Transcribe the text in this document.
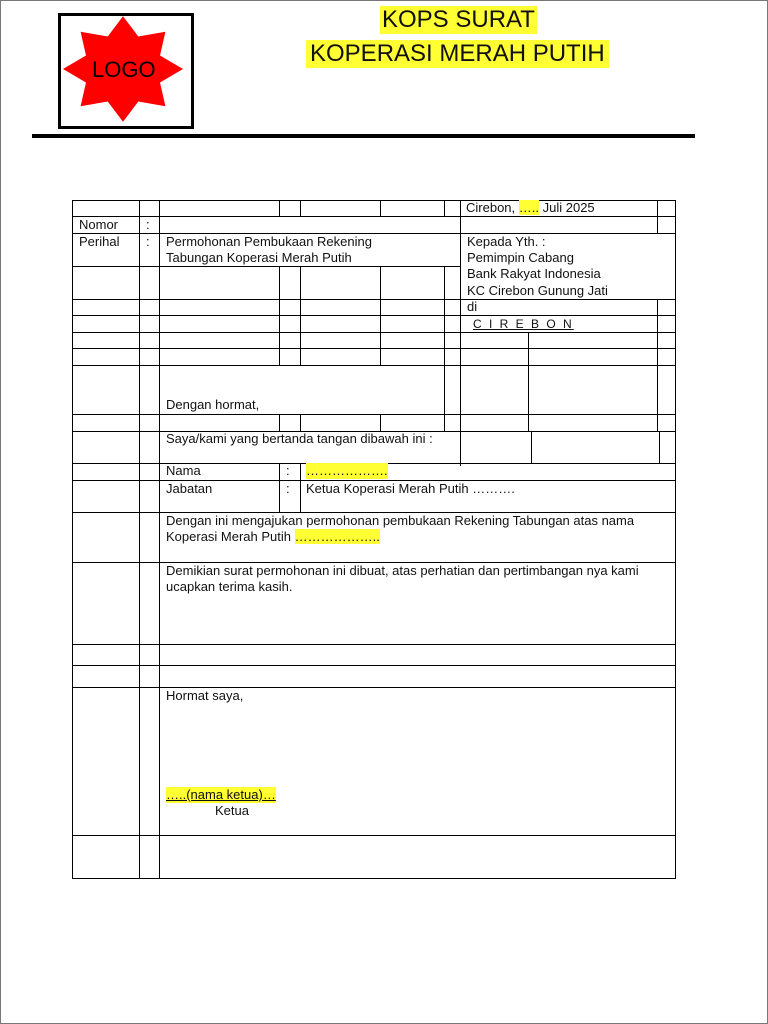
LOGO
KOPS SURAT
KOPERASI MERAH PUTIH
Cirebon, ….. Juli 2025
Nomor :
Perihal : Permohonan Pembukaan Rekening
Tabungan Koperasi Merah Putih
Kepada Yth. :
Pemimpin Cabang
Bank Rakyat Indonesia
KC Cirebon Gunung Jati
di
C I R E B O N
Dengan hormat,
Saya/kami yang bertanda tangan dibawah ini :
Nama	: ……………….
Jabatan	: Ketua Koperasi Merah Putih ……….
Dengan ini mengajukan permohonan pembukaan Rekening Tabungan atas nama
Koperasi Merah Putih ………………..
Demikian surat permohonan ini dibuat, atas perhatian dan pertimbangan nya kami
ucapkan terima kasih.
Hormat saya,
…..(nama ketua)…
Ketua
